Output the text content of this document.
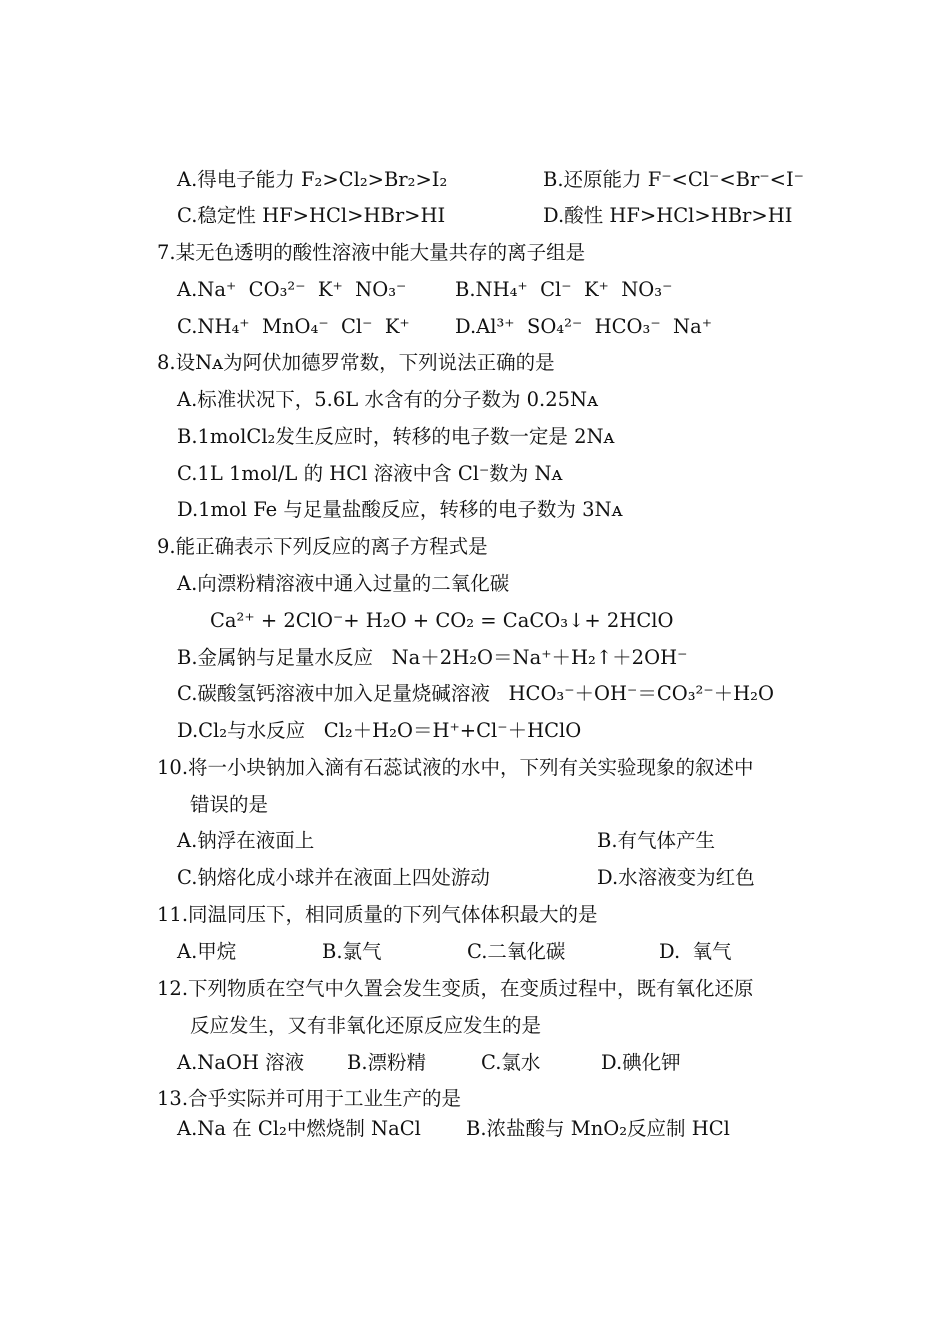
A.得电子能力 F₂>Cl₂>Br₂>I₂	B.还原能力 F⁻<Cl⁻<Br⁻<I⁻
C.稳定性 HF>HCl>HBr>HI	D.酸性 HF>HCl>HBr>HI
7.某无色透明的酸性溶液中能大量共存的离子组是
A.Na⁺  CO₃²⁻  K⁺  NO₃⁻ B.NH₄⁺  Cl⁻  K⁺  NO₃⁻
C.NH₄⁺  MnO₄⁻  Cl⁻  K⁺ D.Al³⁺  SO₄²⁻  HCO₃⁻  Na⁺
8.设Nᴀ为阿伏加德罗常数，下列说法正确的是
A.标准状况下，5.6L 水含有的分子数为 0.25Nᴀ
B.1molCl₂发生反应时，转移的电子数一定是 2Nᴀ
C.1L 1mol/L 的 HCl 溶液中含 Cl⁻数为 Nᴀ
D.1mol Fe 与足量盐酸反应，转移的电子数为 3Nᴀ
9.能正确表示下列反应的离子方程式是
A.向漂粉精溶液中通入过量的二氧化碳
Ca²⁺ + 2ClO⁻+ H₂O + CO₂ = CaCO₃↓+ 2HClO
B.金属钠与足量水反应   Na＋2H₂O＝Na⁺＋H₂↑＋2OH⁻
C.碳酸氢钙溶液中加入足量烧碱溶液   HCO₃⁻＋OH⁻＝CO₃²⁻＋H₂O
D.Cl₂与水反应   Cl₂＋H₂O＝H⁺+Cl⁻＋HClO
10.将一小块钠加入滴有石蕊试液的水中，下列有关实验现象的叙述中
错误的是
A.钠浮在液面上	B.有气体产生
C.钠熔化成小球并在液面上四处游动	D.水溶液变为红色
11.同温同压下，相同质量的下列气体体积最大的是
A.甲烷	B.氯气	C.二氧化碳	D.  氧气
12.下列物质在空气中久置会发生变质，在变质过程中，既有氧化还原
反应发生，又有非氧化还原反应发生的是
A.NaOH 溶液 B.漂粉精	C.氯水	D.碘化钾
13.合乎实际并可用于工业生产的是
A.Na 在 Cl₂中燃烧制 NaCl B.浓盐酸与 MnO₂反应制 HCl
